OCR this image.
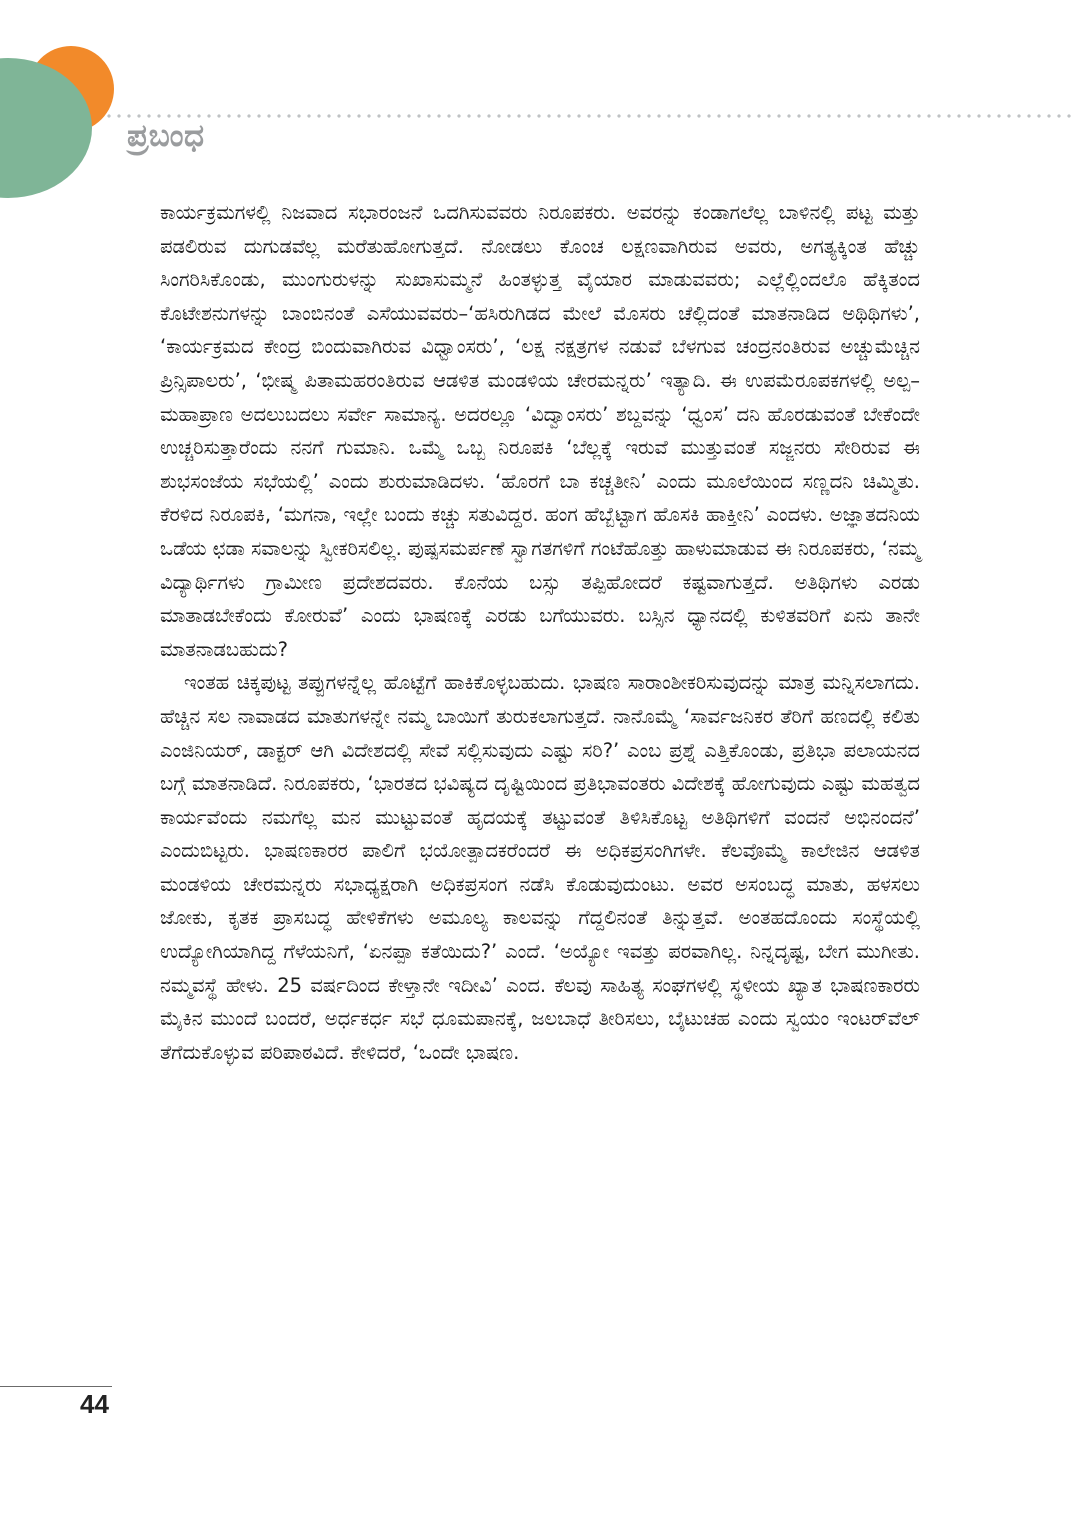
ಪ್ರಬಂಧ

ಕಾರ್ಯಕ್ರಮಗಳಲ್ಲಿ ನಿಜವಾದ ಸಭಾರಂಜನೆ ಒದಗಿಸುವವರು ನಿರೂಪಕರು. ಅವರನ್ನು ಕಂಡಾಗಲೆಲ್ಲ ಬಾಳಿನಲ್ಲಿ ಪಟ್ಟ ಮತ್ತು ಪಡಲಿರುವ ದುಗುಡವೆಲ್ಲ ಮರೆತುಹೋಗುತ್ತದೆ. ನೋಡಲು ಕೊಂಚ ಲಕ್ಷಣವಾಗಿರುವ ಅವರು, ಅಗತ್ಯಕ್ಕಿಂತ ಹೆಚ್ಚು ಸಿಂಗರಿಸಿಕೊಂಡು, ಮುಂಗುರುಳನ್ನು ಸುಖಾಸುಮ್ಮನೆ ಹಿಂತಳ್ಳುತ್ತ ವೈಯಾರ ಮಾಡುವವರು; ಎಲ್ಲೆಲ್ಲಿಂದಲೊ ಹೆಕ್ಕಿತಂದ ಕೊಟೇಶನುಗಳನ್ನು ಬಾಂಬಿನಂತೆ ಎಸೆಯುವವರು–‘ಹಸಿರುಗಿಡದ ಮೇಲೆ ಮೊಸರು ಚೆಲ್ಲಿದಂತೆ ಮಾತನಾಡಿದ ಅಥಿಥಿಗಳು’, ‘ಕಾರ್ಯಕ್ರಮದ ಕೇಂದ್ರ ಬಿಂದುವಾಗಿರುವ ವಿಧ್ವಾಂಸರು’, ‘ಲಕ್ಷ ನಕ್ಷತ್ರಗಳ ನಡುವೆ ಬೆಳಗುವ ಚಂದ್ರನಂತಿರುವ ಅಚ್ಚುಮೆಚ್ಚಿನ ಪ್ರಿನ್ಸಿಪಾಲರು’, ‘ಭೀಷ್ಮ ಪಿತಾಮಹರಂತಿರುವ ಆಡಳಿತ ಮಂಡಳಿಯ ಚೇರಮನ್ನರು’ ಇತ್ಯಾದಿ. ಈ ಉಪಮೆರೂಪಕಗಳಲ್ಲಿ ಅಲ್ಪ–ಮಹಾಪ್ರಾಣ ಅದಲುಬದಲು ಸರ್ವೇ ಸಾಮಾನ್ಯ. ಅದರಲ್ಲೂ ‘ವಿದ್ವಾಂಸರು’ ಶಬ್ದವನ್ನು ‘ಧ್ವಂಸ’ ದನಿ ಹೊರಡುವಂತೆ ಬೇಕೆಂದೇ ಉಚ್ಚರಿಸುತ್ತಾರೆಂದು ನನಗೆ ಗುಮಾನಿ. ಒಮ್ಮೆ ಒಬ್ಬ ನಿರೂಪಕಿ ‘ಬೆಲ್ಲಕ್ಕೆ ಇರುವೆ ಮುತ್ತುವಂತೆ ಸಜ್ಜನರು ಸೇರಿರುವ ಈ ಶುಭಸಂಜೆಯ ಸಭೆಯಲ್ಲಿ’ ಎಂದು ಶುರುಮಾಡಿದಳು. ‘ಹೊರಗೆ ಬಾ ಕಚ್ಚತೀನಿ’ ಎಂದು ಮೂಲೆಯಿಂದ ಸಣ್ಣದನಿ ಚಿಮ್ಮಿತು. ಕೆರಳಿದ ನಿರೂಪಕಿ, ‘ಮಗನಾ, ಇಲ್ಲೇ ಬಂದು ಕಚ್ಚು ಸತುವಿದ್ದರ. ಹಂಗ ಹೆಬ್ಬೆಟ್ಟಾಗ ಹೊಸಕಿ ಹಾಕ್ತೀನಿ’ ಎಂದಳು. ಅಜ್ಞಾತದನಿಯ ಒಡೆಯ ಛಡಾ ಸವಾಲನ್ನು ಸ್ವೀಕರಿಸಲಿಲ್ಲ. ಪುಷ್ಪಸಮರ್ಪಣೆ ಸ್ವಾಗತಗಳಿಗೆ ಗಂಟೆಹೊತ್ತು ಹಾಳುಮಾಡುವ ಈ ನಿರೂಪಕರು, ‘ನಮ್ಮ ವಿದ್ಯಾರ್ಥಿಗಳು ಗ್ರಾಮೀಣ ಪ್ರದೇಶದವರು. ಕೊನೆಯ ಬಸ್ಸು ತಪ್ಪಿಹೋದರೆ ಕಷ್ಟವಾಗುತ್ತದೆ. ಅತಿಥಿಗಳು ಎರಡು ಮಾತಾಡಬೇಕೆಂದು ಕೋರುವೆ’ ಎಂದು ಭಾಷಣಕ್ಕೆ ಎರಡು ಬಗೆಯುವರು. ಬಸ್ಸಿನ ಧ್ಯಾನದಲ್ಲಿ ಕುಳಿತವರಿಗೆ ಏನು ತಾನೇ ಮಾತನಾಡಬಹುದು?

ಇಂತಹ ಚಿಕ್ಕಪುಟ್ಟ ತಪ್ಪುಗಳನ್ನೆಲ್ಲ ಹೊಟ್ಟೆಗೆ ಹಾಕಿಕೊಳ್ಳಬಹುದು. ಭಾಷಣ ಸಾರಾಂಶೀಕರಿಸುವುದನ್ನು ಮಾತ್ರ ಮನ್ನಿಸಲಾಗದು. ಹೆಚ್ಚಿನ ಸಲ ನಾವಾಡದ ಮಾತುಗಳನ್ನೇ ನಮ್ಮ ಬಾಯಿಗೆ ತುರುಕಲಾಗುತ್ತದೆ. ನಾನೊಮ್ಮೆ ‘ಸಾರ್ವಜನಿಕರ ತೆರಿಗೆ ಹಣದಲ್ಲಿ ಕಲಿತು ಎಂಜಿನಿಯರ್, ಡಾಕ್ಟರ್ ಆಗಿ ವಿದೇಶದಲ್ಲಿ ಸೇವೆ ಸಲ್ಲಿಸುವುದು ಎಷ್ಟು ಸರಿ?’ ಎಂಬ ಪ್ರಶ್ನೆ ಎತ್ತಿಕೊಂಡು, ಪ್ರತಿಭಾ ಪಲಾಯನದ ಬಗ್ಗೆ ಮಾತನಾಡಿದೆ. ನಿರೂಪಕರು, ‘ಭಾರತದ ಭವಿಷ್ಯದ ದೃಷ್ಟಿಯಿಂದ ಪ್ರತಿಭಾವಂತರು ವಿದೇಶಕ್ಕೆ ಹೋಗುವುದು ಎಷ್ಟು ಮಹತ್ವದ ಕಾರ್ಯವೆಂದು ನಮಗೆಲ್ಲ ಮನ ಮುಟ್ಟುವಂತೆ ಹೃದಯಕ್ಕೆ ತಟ್ಟುವಂತೆ ತಿಳಿಸಿಕೊಟ್ಟ ಅತಿಥಿಗಳಿಗೆ ವಂದನೆ ಅಭಿನಂದನೆ’ ಎಂದುಬಿಟ್ಟರು. ಭಾಷಣಕಾರರ ಪಾಲಿಗೆ ಭಯೋತ್ಪಾದಕರೆಂದರೆ ಈ ಅಧಿಕಪ್ರಸಂಗಿಗಳೇ. ಕೆಲವೊಮ್ಮೆ ಕಾಲೇಜಿನ ಆಡಳಿತ ಮಂಡಳಿಯ ಚೇರಮನ್ನರು ಸಭಾಧ್ಯಕ್ಷರಾಗಿ ಅಧಿಕಪ್ರಸಂಗ ನಡೆಸಿ ಕೊಡುವುದುಂಟು. ಅವರ ಅಸಂಬದ್ಧ ಮಾತು, ಹಳಸಲು ಜೋಕು, ಕೃತಕ ಪ್ರಾಸಬದ್ಧ ಹೇಳಿಕೆಗಳು ಅಮೂಲ್ಯ ಕಾಲವನ್ನು ಗೆದ್ದಲಿನಂತೆ ತಿನ್ನುತ್ತವೆ. ಅಂತಹದೊಂದು ಸಂಸ್ಥೆಯಲ್ಲಿ ಉದ್ಯೋಗಿಯಾಗಿದ್ದ ಗೆಳೆಯನಿಗೆ, ‘ಏನಪ್ಪಾ ಕತೆಯಿದು?’ ಎಂದೆ. ‘ಅಯ್ಯೋ ಇವತ್ತು ಪರವಾಗಿಲ್ಲ. ನಿನ್ನದೃಷ್ಟ, ಬೇಗ ಮುಗೀತು. ನಮ್ಮವಸ್ಥೆ ಹೇಳು. 25 ವರ್ಷದಿಂದ ಕೇಳ್ತಾನೇ ಇದೀವಿ’ ಎಂದ. ಕೆಲವು ಸಾಹಿತ್ಯ ಸಂಘಗಳಲ್ಲಿ ಸ್ಥಳೀಯ ಖ್ಯಾತ ಭಾಷಣಕಾರರು ಮೈಕಿನ ಮುಂದೆ ಬಂದರೆ, ಅರ್ಧಕರ್ಧ ಸಭೆ ಧೂಮಪಾನಕ್ಕೆ, ಜಲಬಾಧೆ ತೀರಿಸಲು, ಬೈಟುಚಹ ಎಂದು ಸ್ವಯಂ ಇಂಟರ್‌ವೆಲ್ ತೆಗೆದುಕೊಳ್ಳುವ ಪರಿಪಾಠವಿದೆ. ಕೇಳಿದರೆ, ‘ಒಂದೇ ಭಾಷಣ.

44
